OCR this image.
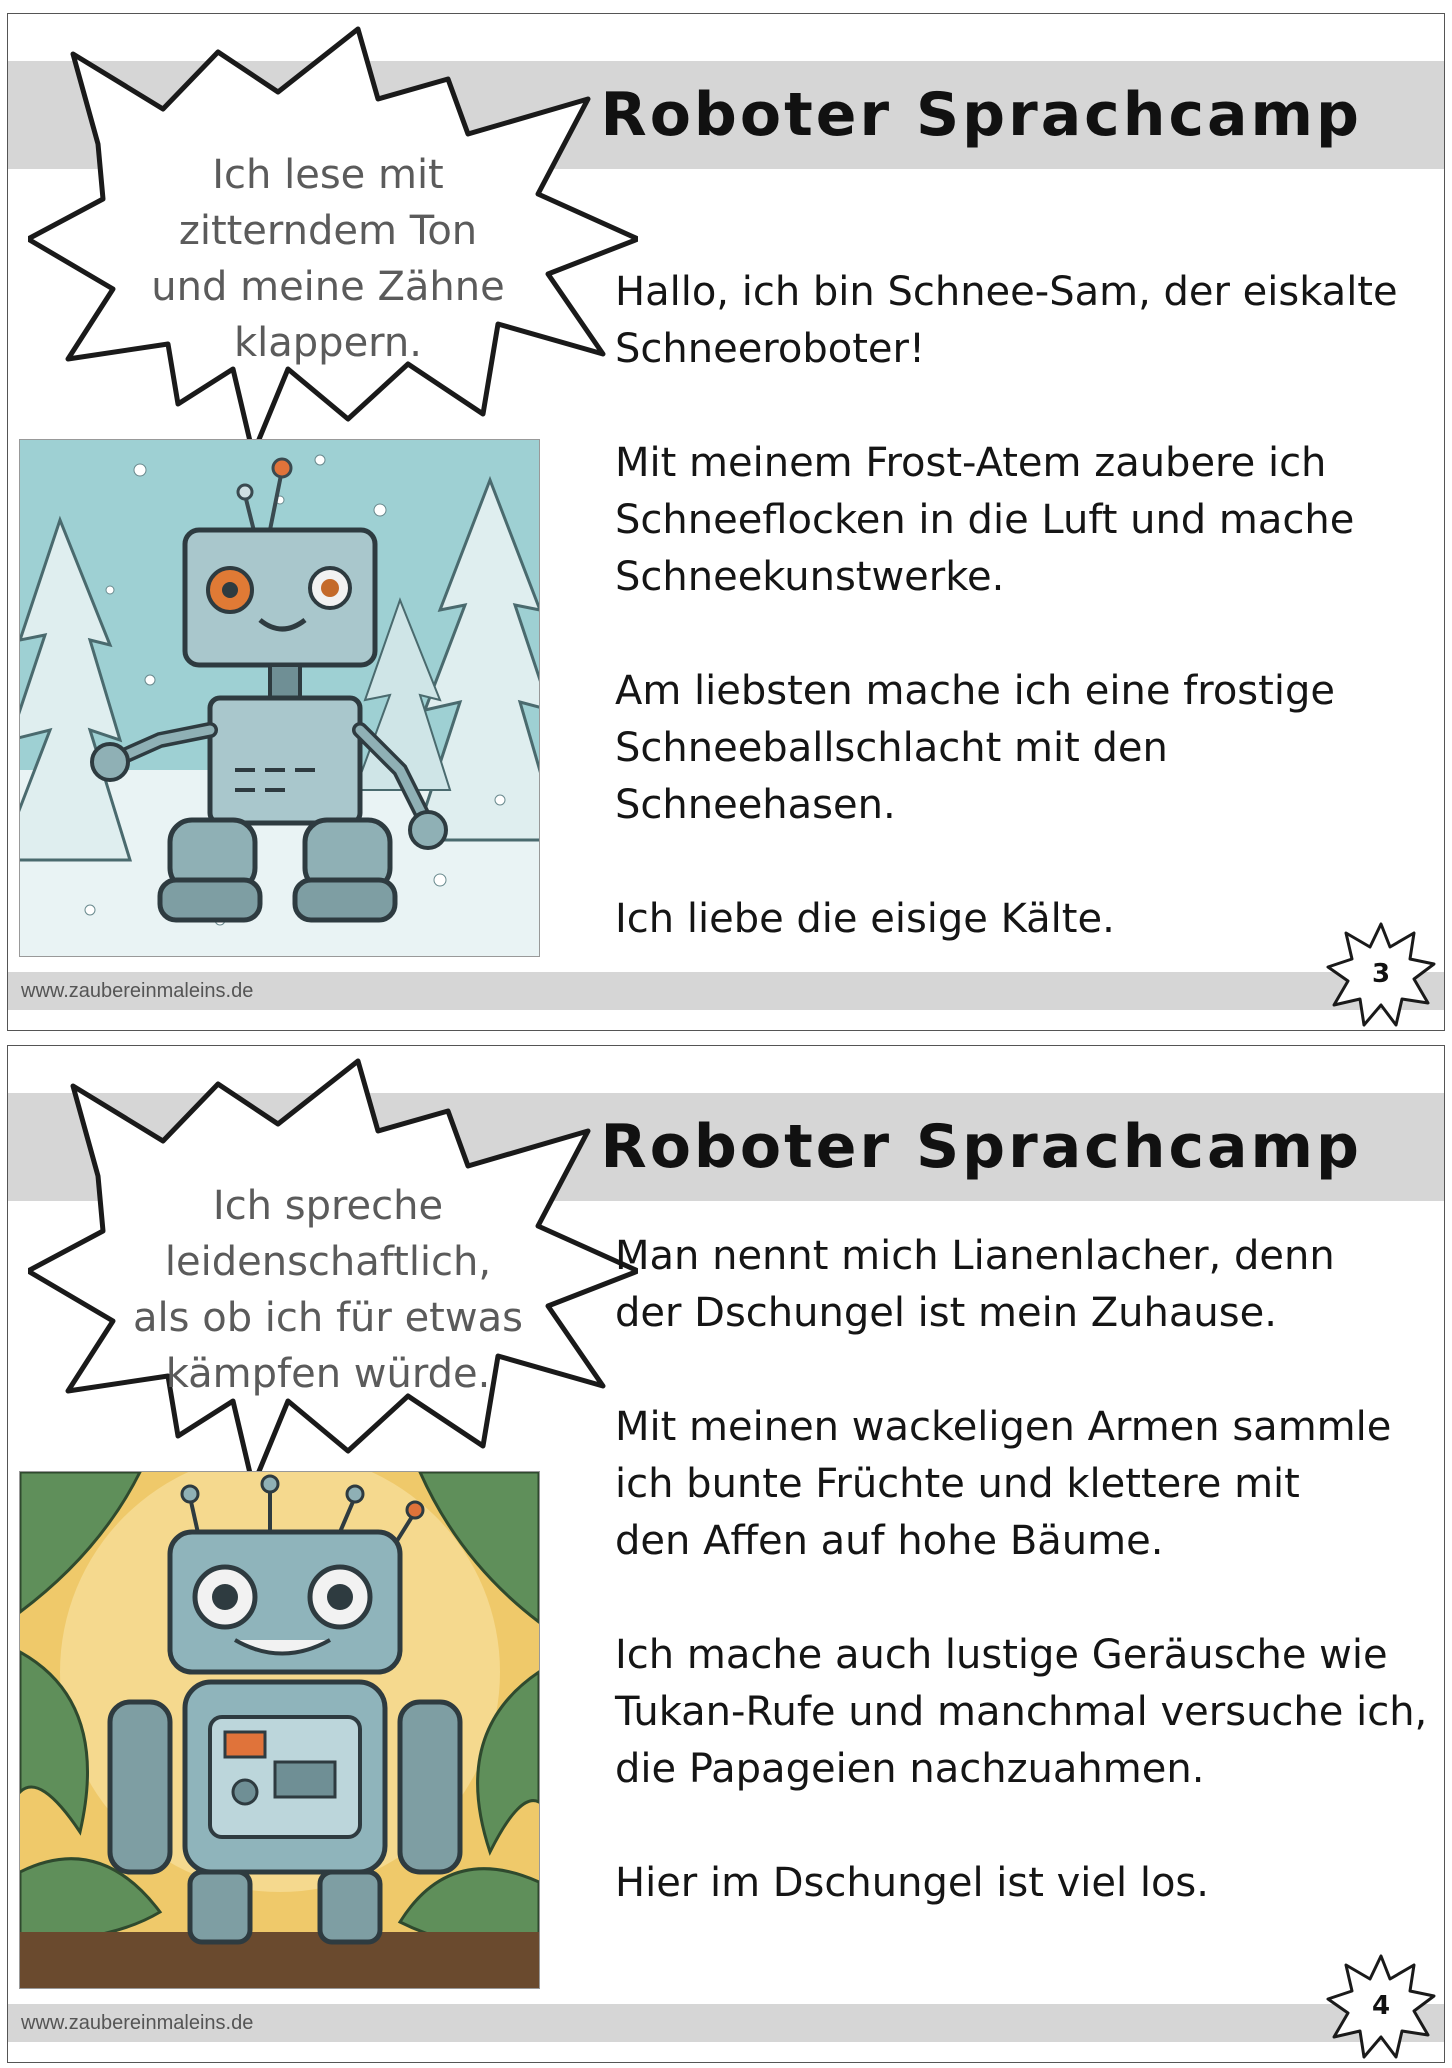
Roboter Sprachcamp
Ich lese mit
zitterndem Ton
und meine Zähne
klappern.

Hallo, ich bin Schnee-Sam, der eiskalte
Schneeroboter!

Mit meinem Frost-Atem zaubere ich
Schneeflocken in die Luft und mache
Schneekunstwerke.

Am liebsten mache ich eine frostige
Schneeballschlacht mit den
Schneehasen.

Ich liebe die eisige Kälte.

www.zaubereinmaleins.de
3
Roboter Sprachcamp
Ich spreche
leidenschaftlich,
als ob ich für etwas
kämpfen würde.

Man nennt mich Lianenlacher, denn
der Dschungel ist mein Zuhause.

Mit meinen wackeligen Armen sammle
ich bunte Früchte und klettere mit
den Affen auf hohe Bäume.

Ich mache auch lustige Geräusche wie
Tukan-Rufe und manchmal versuche ich,
die Papageien nachzuahmen.

Hier im Dschungel ist viel los.

www.zaubereinmaleins.de
4
